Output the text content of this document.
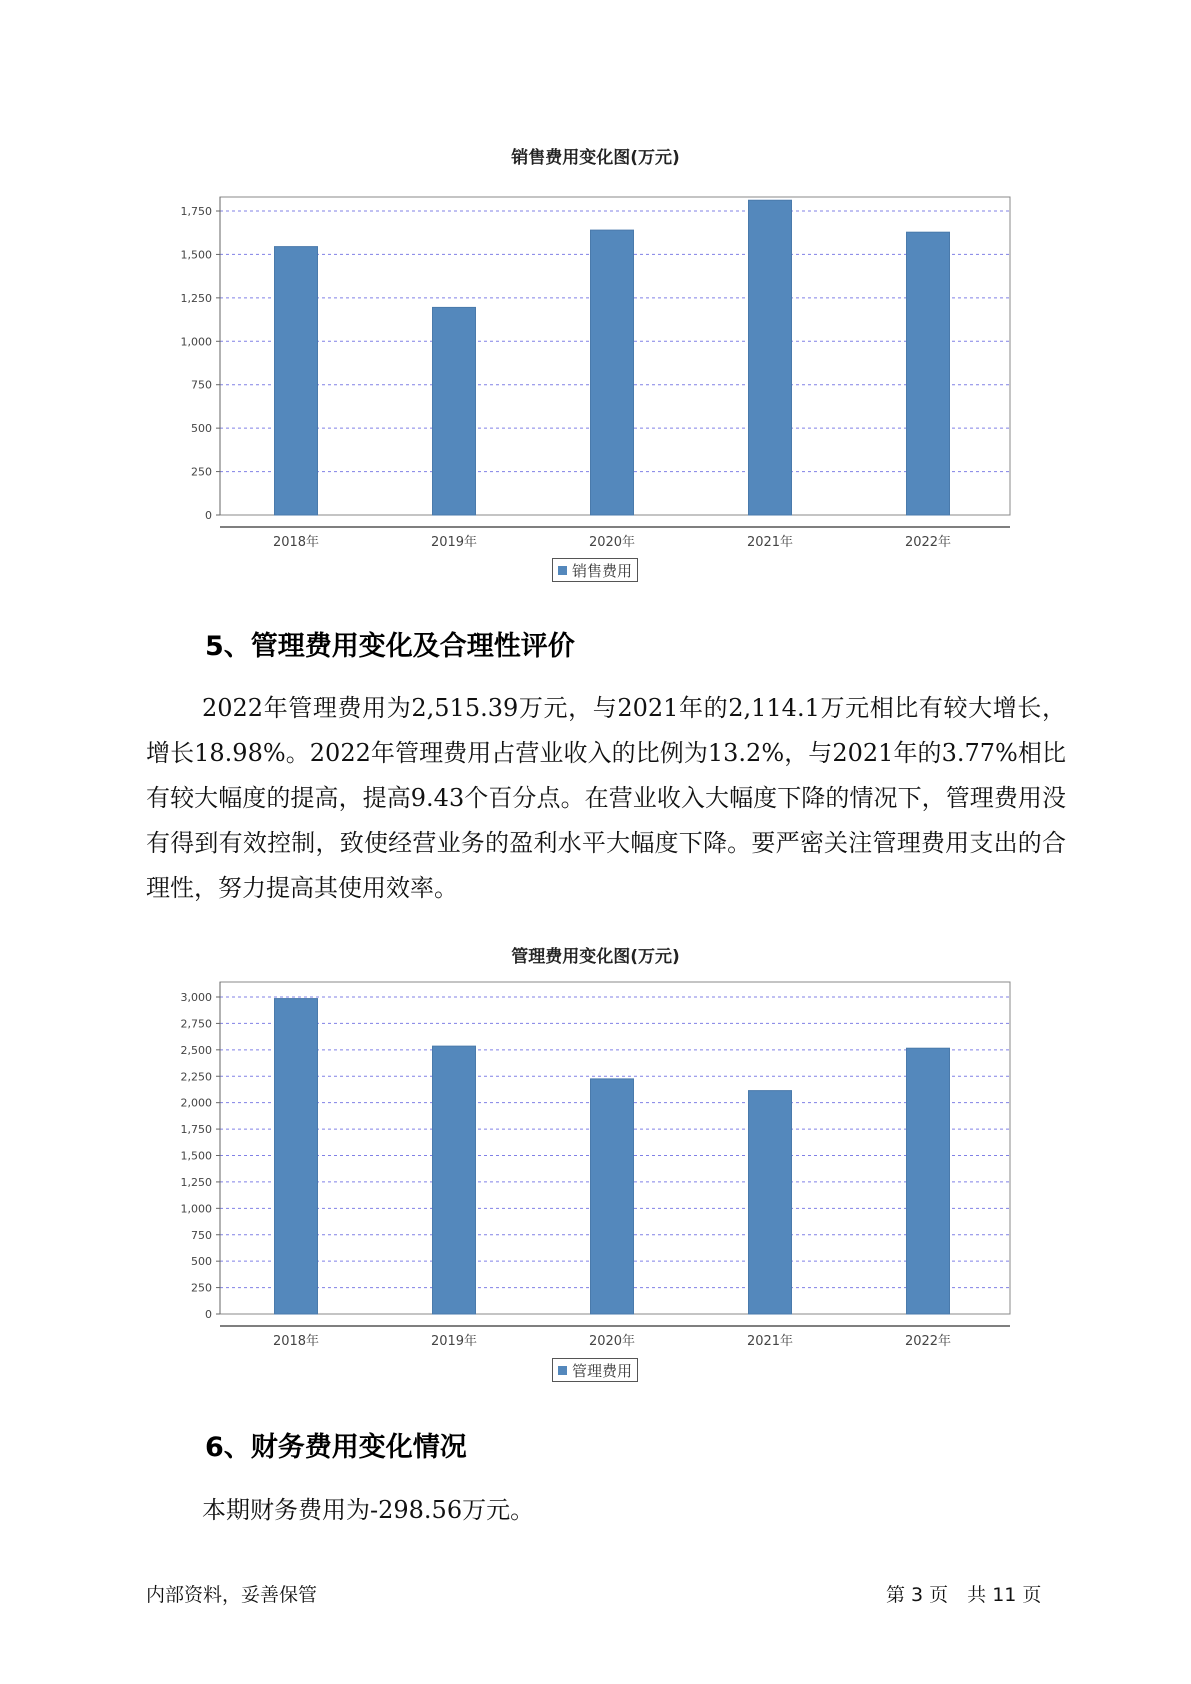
销售费用变化图(万元)
0
250
500
750
1,000
1,250
1,500
1,750
2018年	2019年	2020年	2021年	2022年
销售费用
5、管理费用变化及合理性评价
2022年管理费用为2,515.39万元，与2021年的2,114.1万元相比有较大增长，增长18.98%。2022年管理费用占营业收入的比例为13.2%，与2021年的3.77%相比有较大幅度的提高，提高9.43个百分点。在营业收入大幅度下降的情况下，管理费用没有得到有效控制，致使经营业务的盈利水平大幅度下降。要严密关注管理费用支出的合理性，努力提高其使用效率。
管理费用变化图(万元)
0
250
500
750
1,000
1,250
1,500
1,750
2,000
2,250
2,500
2,750
3,000
2018年	2019年	2020年	2021年	2022年
管理费用
6、财务费用变化情况
本期财务费用为-298.56万元。
内部资料，妥善保管	第 3 页　共 11 页
